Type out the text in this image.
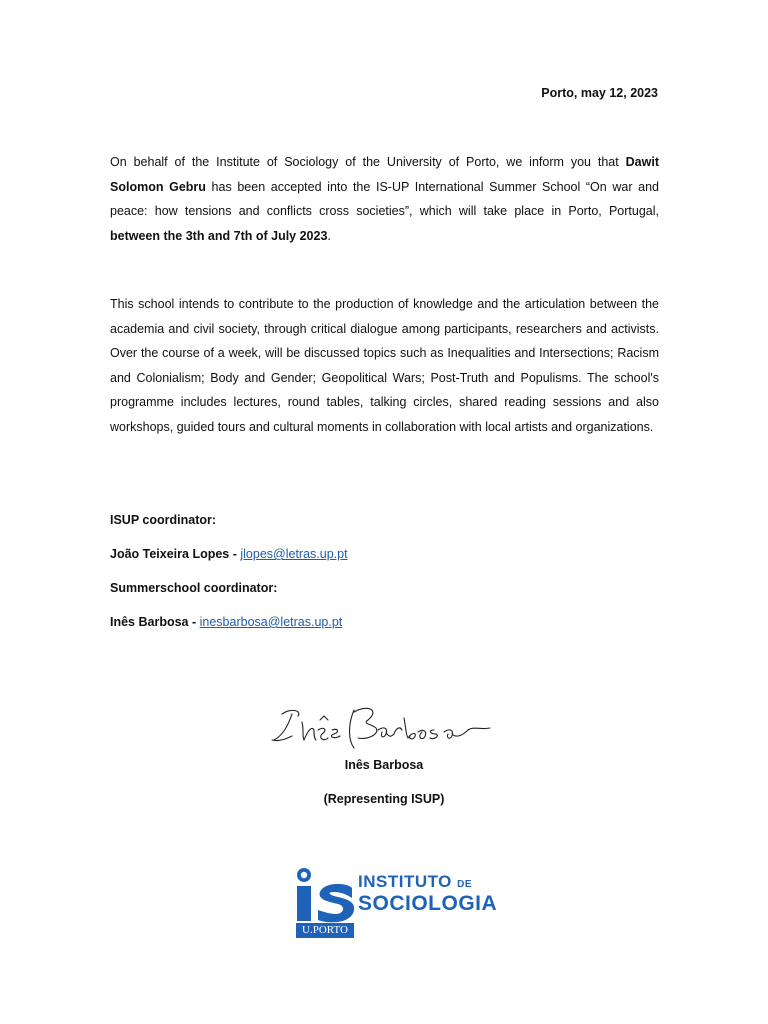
Porto, may 12, 2023
On behalf of the Institute of Sociology of the University of Porto, we inform you that Dawit Solomon Gebru has been accepted into the IS-UP International Summer School “On war and peace: how tensions and conflicts cross societies”, which will take place in Porto, Portugal, between the 3th and 7th of July 2023.
This school intends to contribute to the production of knowledge and the articulation between the academia and civil society, through critical dialogue among participants, researchers and activists. Over the course of a week, will be discussed topics such as Inequalities and Intersections; Racism and Colonialism; Body and Gender; Geopolitical Wars; Post-Truth and Populisms. The school's programme includes lectures, round tables, talking circles, shared reading sessions and also workshops, guided tours and cultural moments in collaboration with local artists and organizations.
ISUP coordinator:
João Teixeira Lopes - jlopes@letras.up.pt
Summerschool coordinator:
Inês Barbosa - inesbarbosa@letras.up.pt
Inês Barbosa
(Representing ISUP)
INSTITUTO DE
SOCIOLOGIA
U.PORTO
